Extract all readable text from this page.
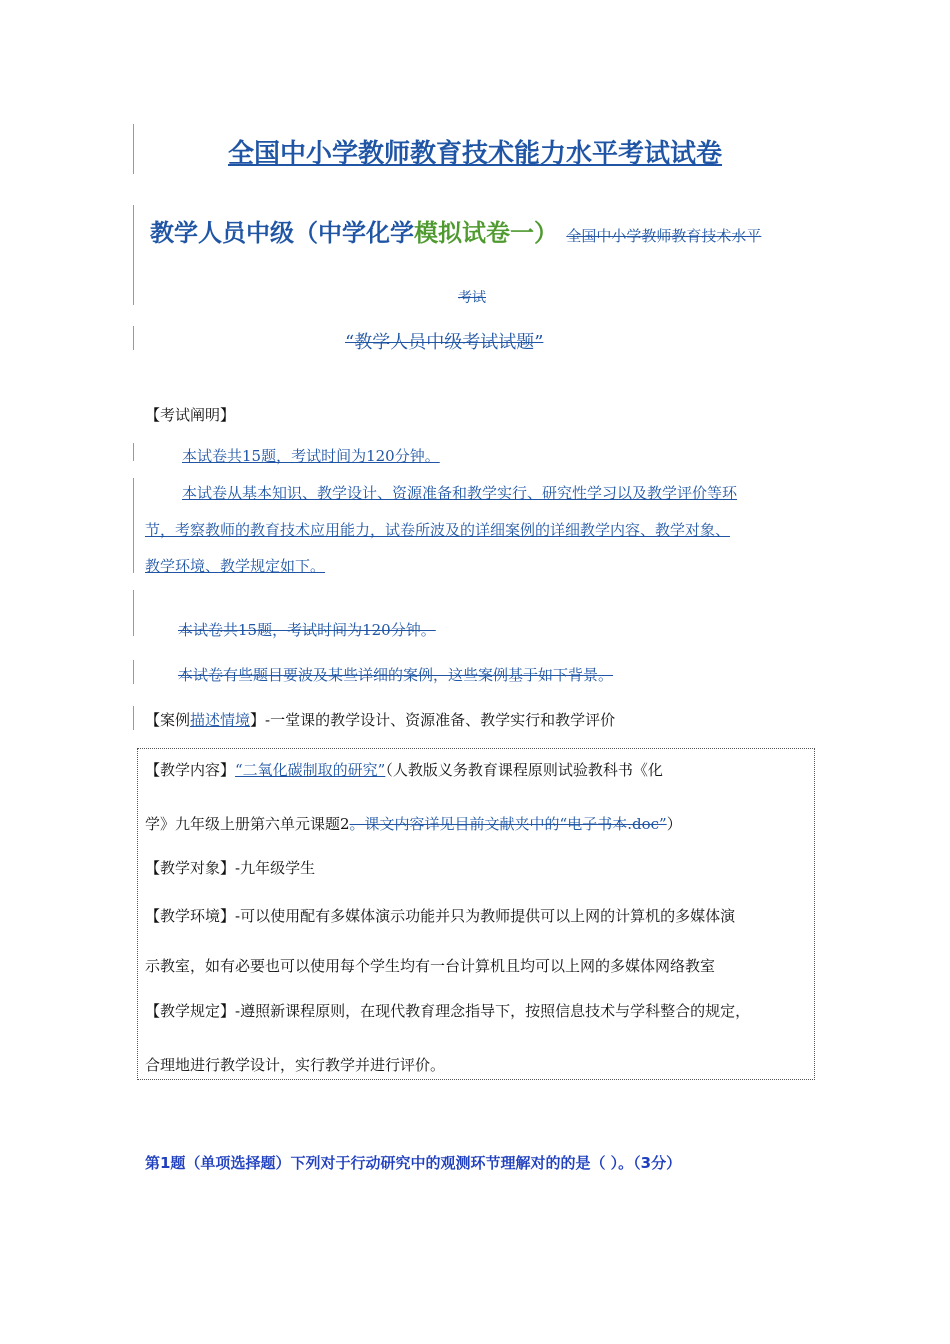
全国中小学教师教育技术能力水平考试试卷
教学人员中级（中学化学模拟试卷一） 全国中小学教师教育技术水平
考试
“教学人员中级考试试题”
【考试阐明】
本试卷共15题，考试时间为120分钟。
本试卷从基本知识、教学设计、资源准备和教学实行、研究性学习以及教学评价等环
节，考察教师的教育技术应用能力，试卷所波及的详细案例的详细教学内容、教学对象、
教学环境、教学规定如下。
本试卷共15题，考试时间为120分钟。
本试卷有些题目要波及某些详细的案例，这些案例基于如下背景。
【案例描述情境】-一堂课的教学设计、资源准备、教学实行和教学评价
【教学内容】“二氧化碳制取的研究”（人教版义务教育课程原则试验教科书《化
学》九年级上册第六单元课题2。课文内容详见目前文献夹中的“电子书本.doc”）
【教学对象】-九年级学生
【教学环境】-可以使用配有多媒体演示功能并只为教师提供可以上网的计算机的多媒体演
示教室，如有必要也可以使用每个学生均有一台计算机且均可以上网的多媒体网络教室
【教学规定】-遵照新课程原则，在现代教育理念指导下，按照信息技术与学科整合的规定，
合理地进行教学设计，实行教学并进行评价。
第1题（单项选择题）下列对于行动研究中的观测环节理解对的的是（ ）。（3分）
